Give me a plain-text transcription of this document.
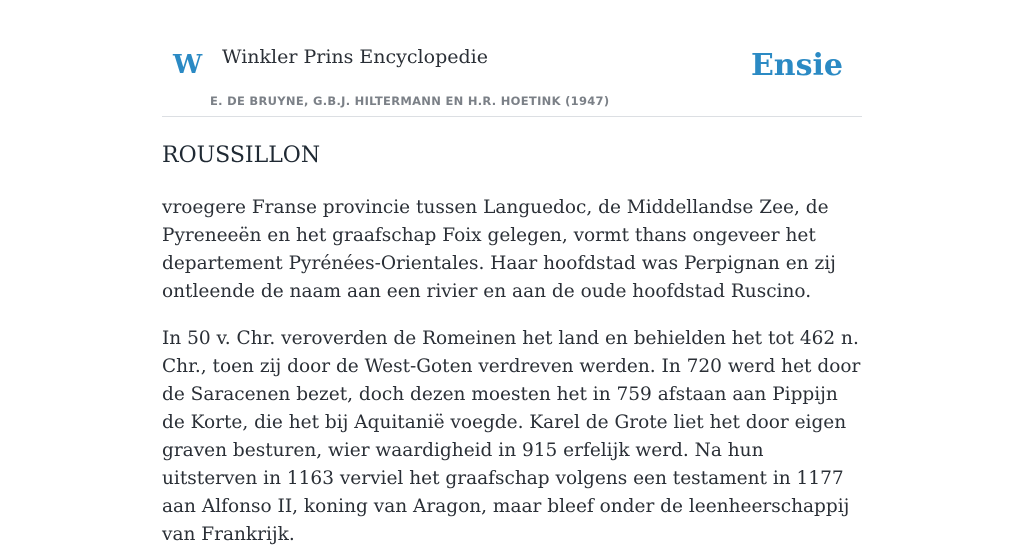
W Winkler Prins Encyclopedie
E. DE BRUYNE, G.B.J. HILTERMANN EN H.R. HOETINK (1947)
Ensie
ROUSSILLON

vroegere Franse provincie tussen Languedoc, de Middellandse Zee, de Pyreneeën en het graafschap Foix gelegen, vormt thans ongeveer het departement Pyrénées-Orientales. Haar hoofdstad was Perpignan en zij ontleende de naam aan een rivier en aan de oude hoofdstad Ruscino.

In 50 v. Chr. veroverden de Romeinen het land en behielden het tot 462 n. Chr., toen zij door de West-Goten verdreven werden. In 720 werd het door de Saracenen bezet, doch dezen moesten het in 759 afstaan aan Pippijn de Korte, die het bij Aquitanië voegde. Karel de Grote liet het door eigen graven besturen, wier waardigheid in 915 erfelijk werd. Na hun uitsterven in 1163 verviel het graafschap volgens een testament in 1177 aan Alfonso II, koning van Aragon, maar bleef onder de leenheerschappij van Frankrijk.
